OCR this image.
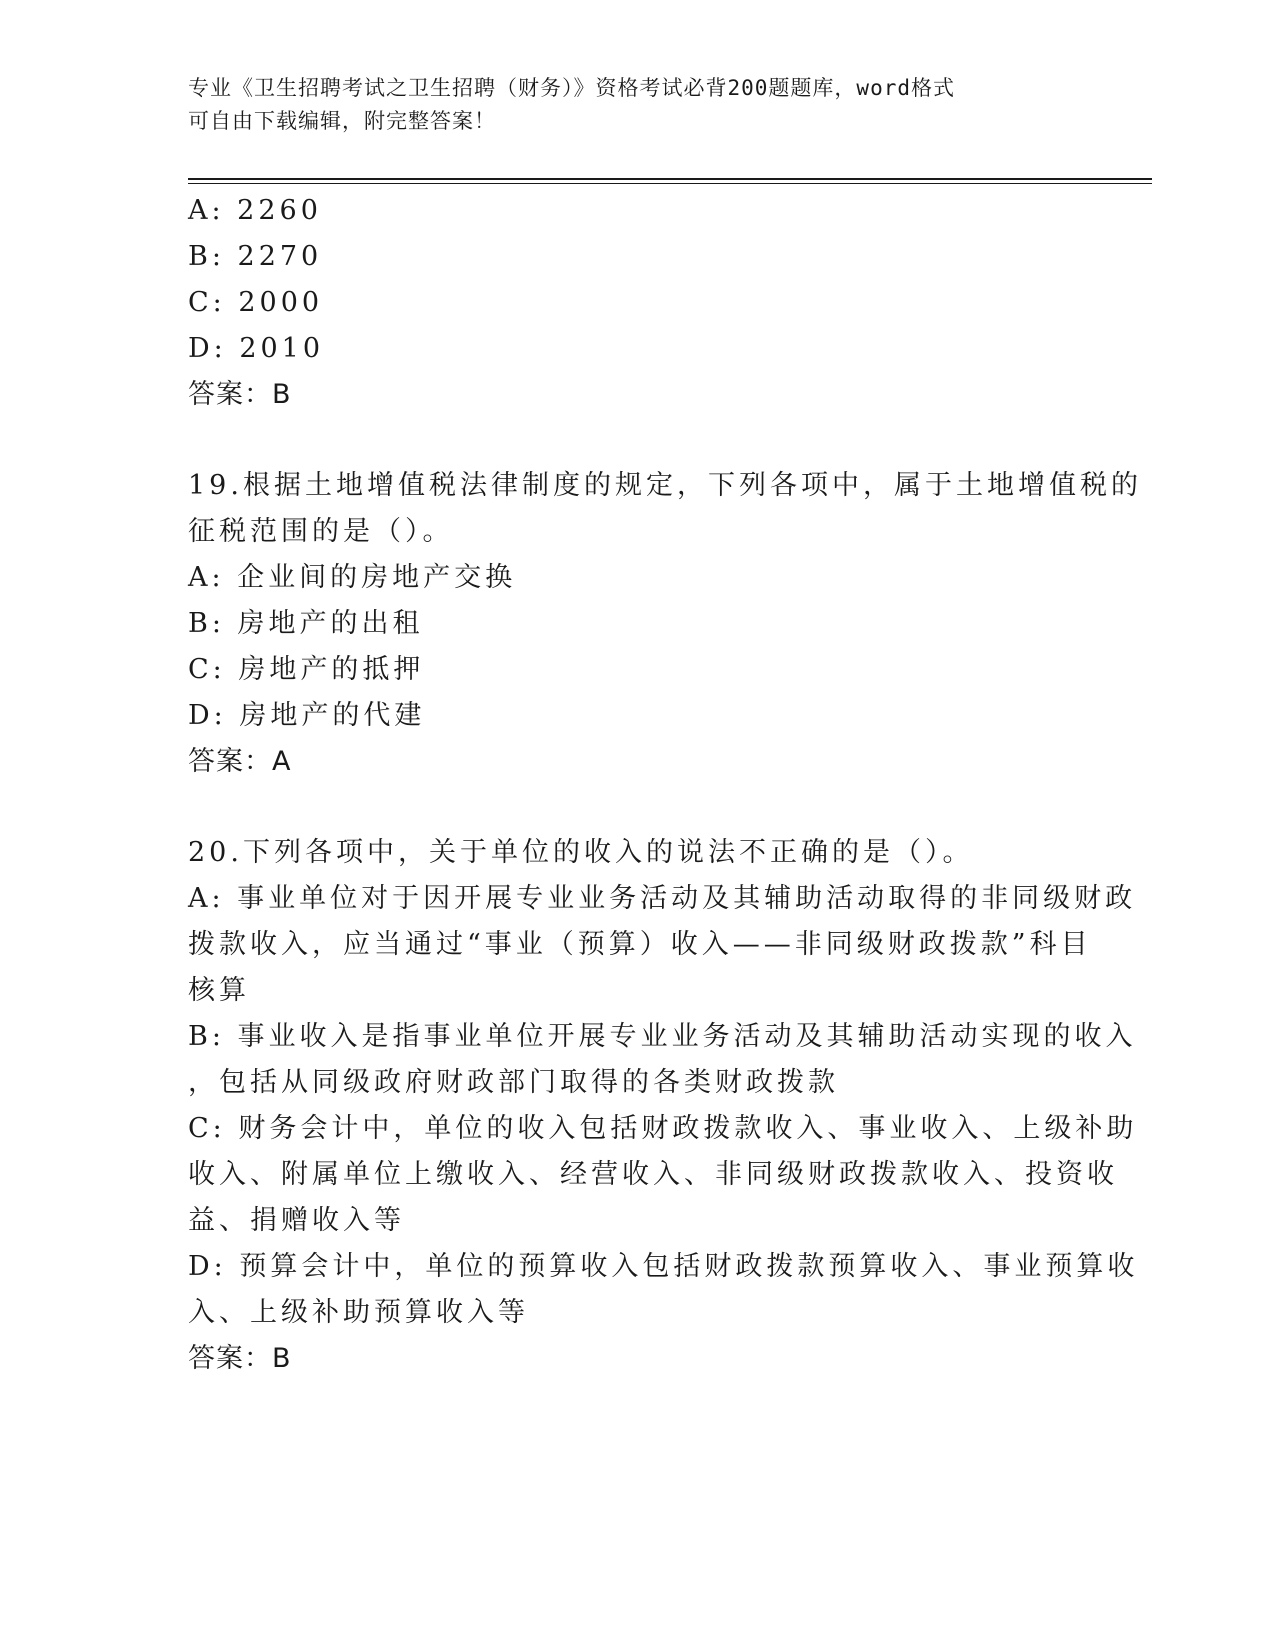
专业《卫生招聘考试之卫生招聘（财务）》资格考试必背200题题库，word格式
可自由下载编辑，附完整答案！

A: 2260

B: 2270

C: 2000

D: 2010

答案：B

19.根据土地增值税法律制度的规定，下列各项中，属于土地增值税的

征税范围的是（）。

A: 企业间的房地产交换

B: 房地产的出租

C: 房地产的抵押

D: 房地产的代建

答案：A

20.下列各项中，关于单位的收入的说法不正确的是（）。

A: 事业单位对于因开展专业业务活动及其辅助活动取得的非同级财政

拨款收入，应当通过“事业（预算）收入——非同级财政拨款”科目

核算

B: 事业收入是指事业单位开展专业业务活动及其辅助活动实现的收入

，包括从同级政府财政部门取得的各类财政拨款

C: 财务会计中，单位的收入包括财政拨款收入、事业收入、上级补助

收入、附属单位上缴收入、经营收入、非同级财政拨款收入、投资收

益、捐赠收入等

D: 预算会计中，单位的预算收入包括财政拨款预算收入、事业预算收

入、上级补助预算收入等

答案：B
